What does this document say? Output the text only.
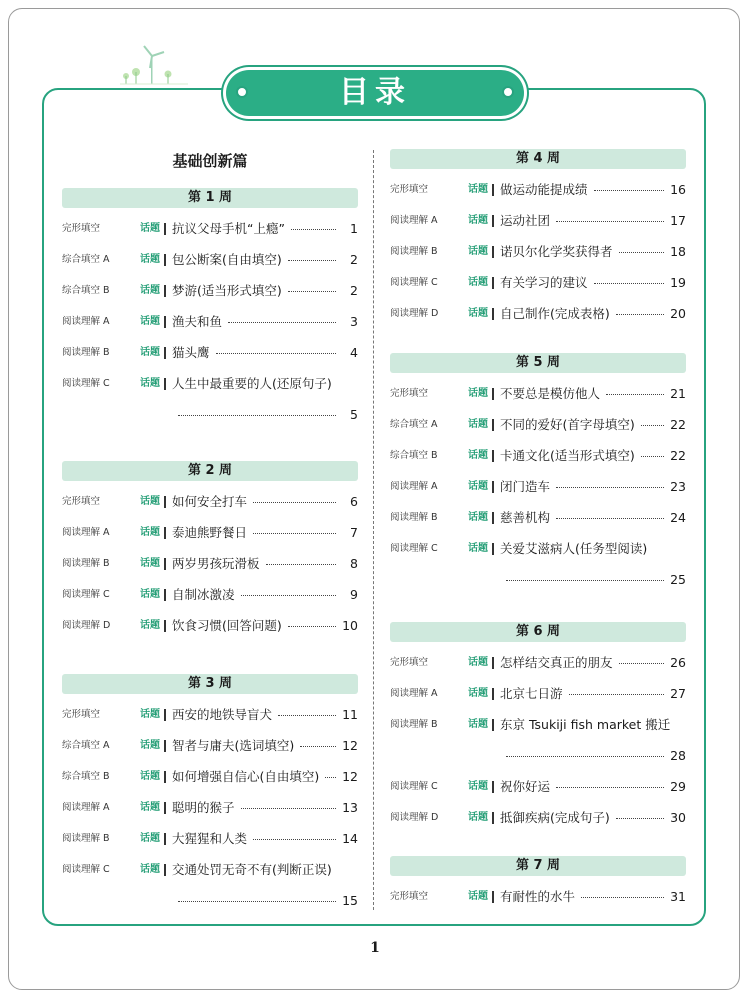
目录
基础创新篇
第 1 周
完形填空	话题 抗议父母手机“上瘾”	1
综合填空 A	话题 包公断案(自由填空)	2
综合填空 B	话题 梦游(适当形式填空)	2
阅读理解 A	话题 渔夫和鱼	3
阅读理解 B	话题 猫头鹰	4
阅读理解 C	话题 人生中最重要的人(还原句子)
5
第 2 周
完形填空	话题 如何安全打车	6
阅读理解 A	话题 泰迪熊野餐日	7
阅读理解 B	话题 两岁男孩玩滑板	8
阅读理解 C	话题 自制冰激凌	9
阅读理解 D	话题 饮食习惯(回答问题)	10
第 3 周
完形填空	话题 西安的地铁导盲犬	11
综合填空 A	话题 智者与庸夫(选词填空)	12
综合填空 B	话题 如何增强自信心(自由填空) 12
阅读理解 A	话题 聪明的猴子	13
阅读理解 B	话题 大猩猩和人类	14
阅读理解 C	话题 交通处罚无奇不有(判断正误)
15
第 4 周
完形填空	话题 做运动能提成绩	16
阅读理解 A	话题 运动社团	17
阅读理解 B	话题 诺贝尔化学奖获得者	18
阅读理解 C	话题 有关学习的建议	19
阅读理解 D	话题 自己制作(完成表格)	20
第 5 周
完形填空	话题 不要总是模仿他人	21
综合填空 A	话题 不同的爱好(首字母填空)	22
综合填空 B	话题 卡通文化(适当形式填空)	22
阅读理解 A	话题 闭门造车	23
阅读理解 B	话题 慈善机构	24
阅读理解 C	话题 关爱艾滋病人(任务型阅读)
25
第 6 周
完形填空	话题 怎样结交真正的朋友	26
阅读理解 A	话题 北京七日游	27
阅读理解 B	话题 东京 Tsukiji fish market 搬迁
28
阅读理解 C	话题 祝你好运	29
阅读理解 D	话题 抵御疾病(完成句子)	30
第 7 周
完形填空	话题 有耐性的水牛	31
1
